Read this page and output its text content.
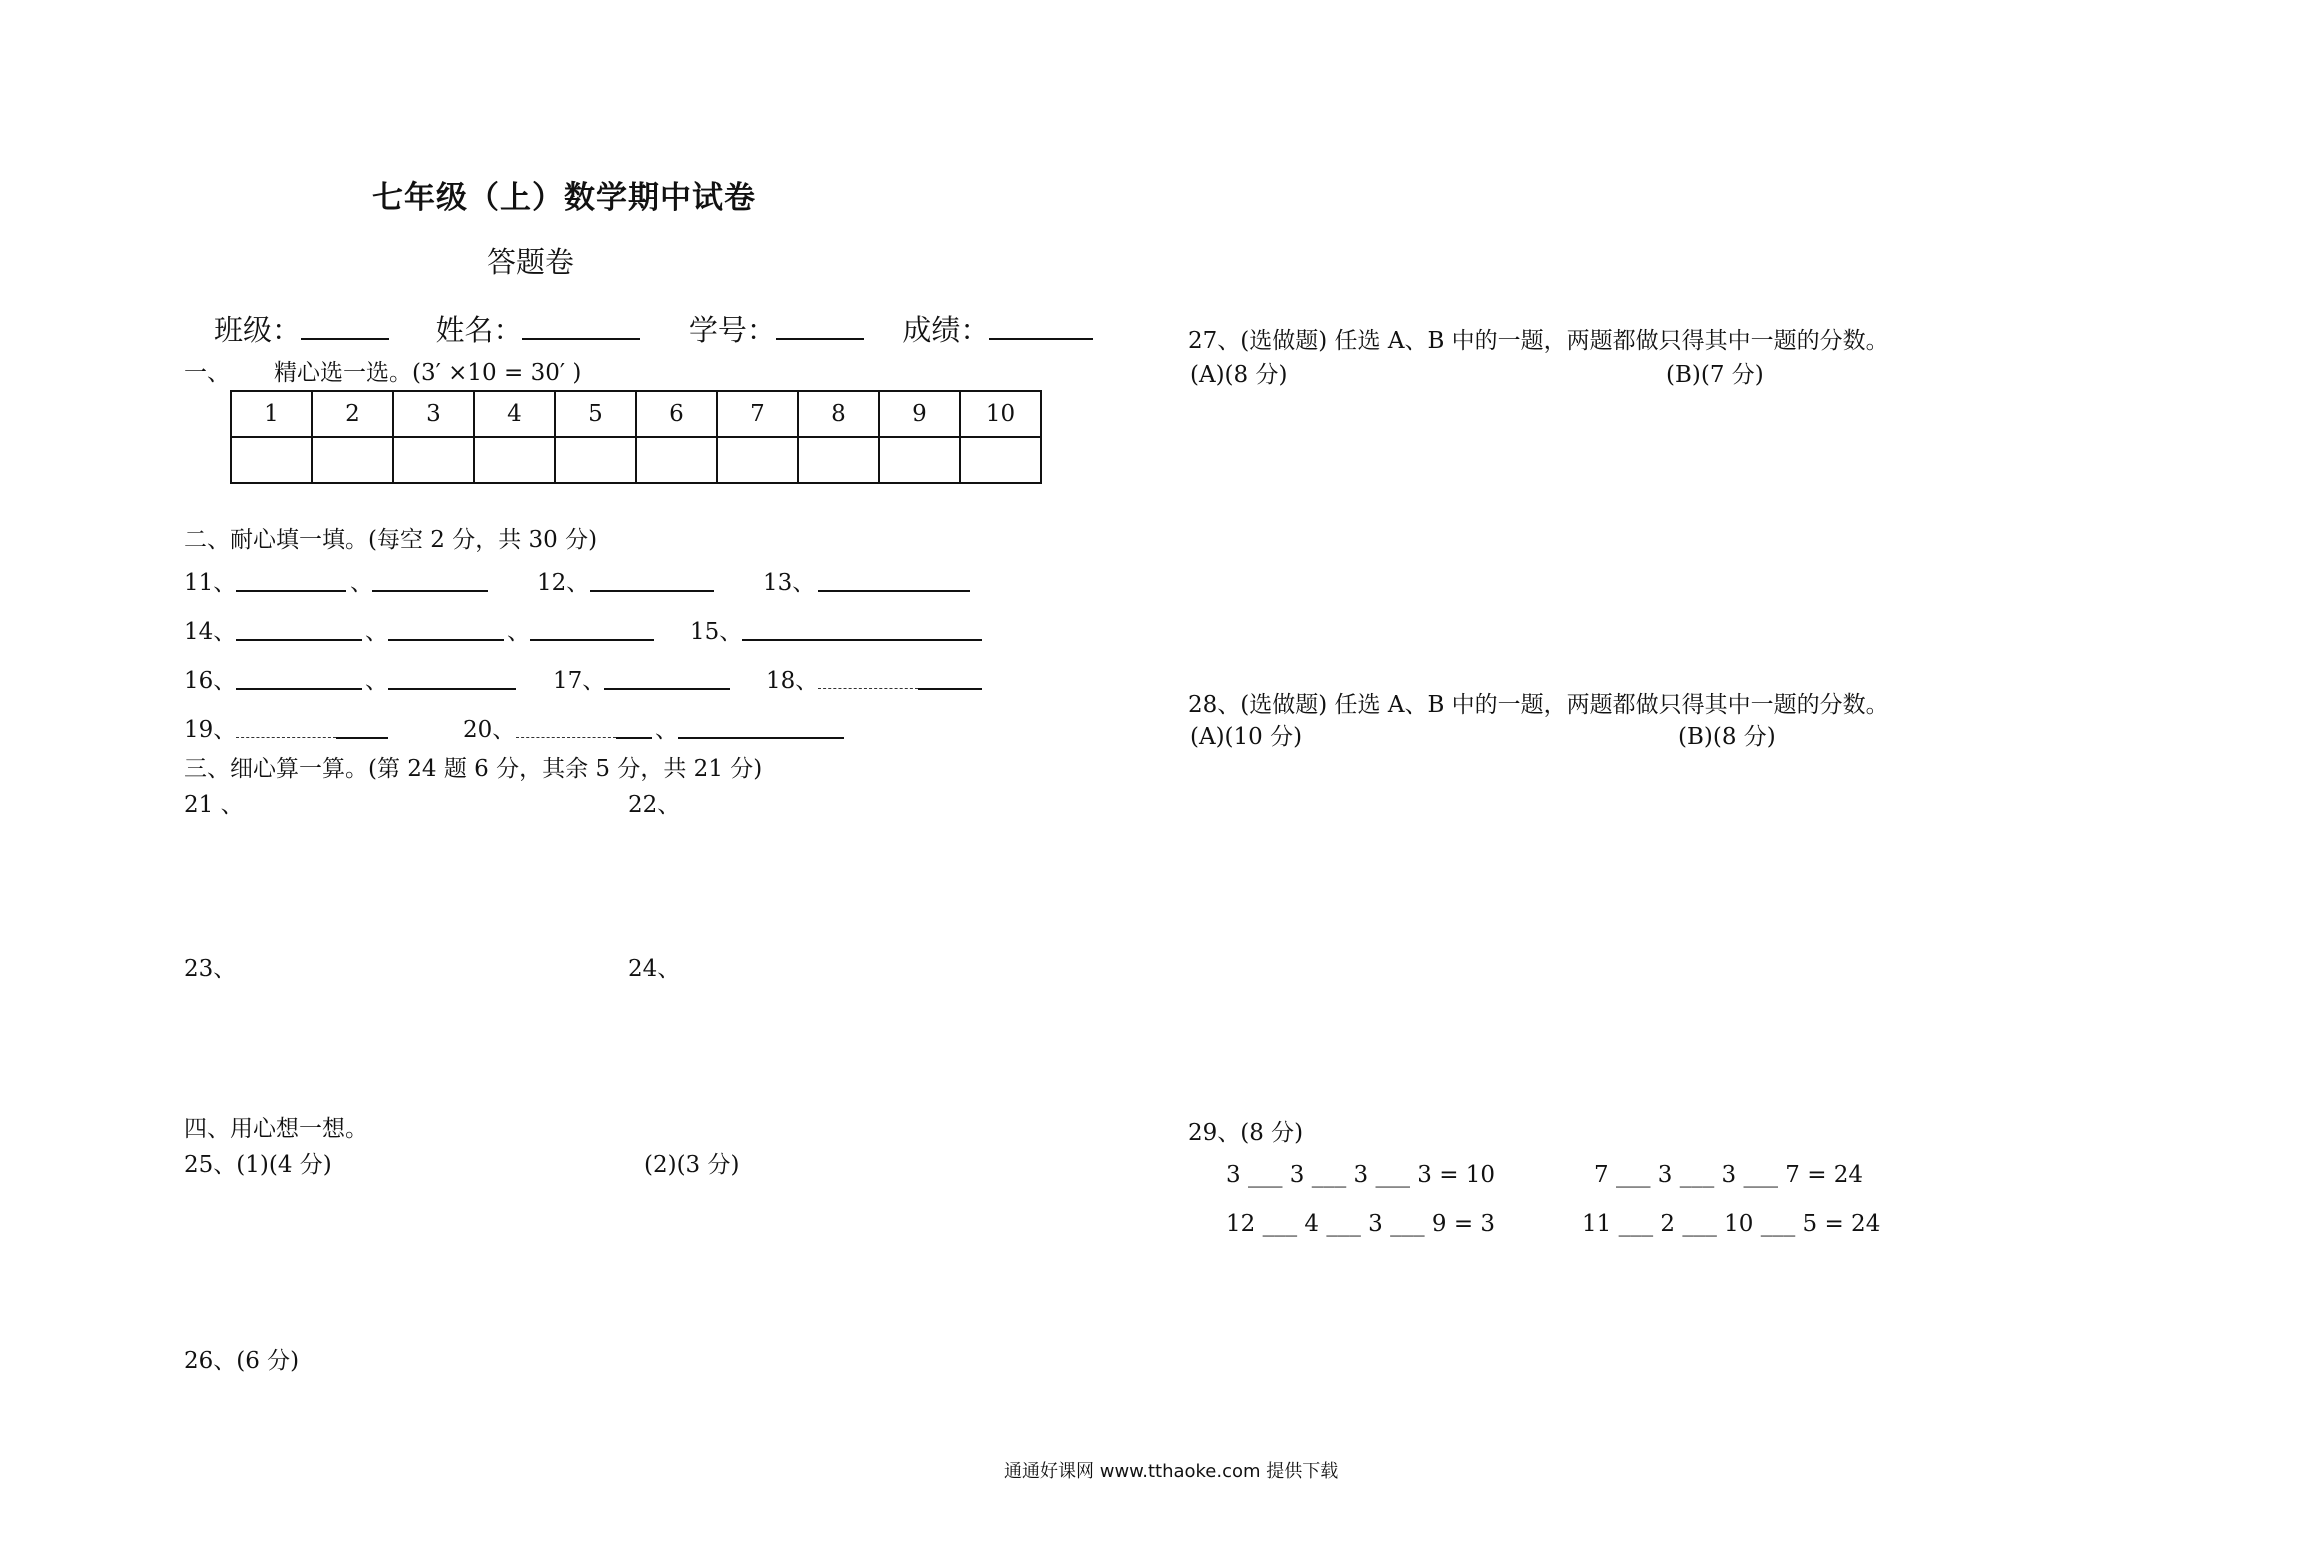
七年级（上）数学期中试卷
答题卷
班级：	姓名：	学号：	成绩：
一、 精心选一选。(3′ ×10 = 30′ )
1	2	3	4	5	6	7	8	9	10

二、耐心填一填。(每空 2 分，共 30 分)
11、	、	12、	13、
14、	、	、	15、
16、	、	17、	18、
19、	20、	、
三、细心算一算。(第 24 题 6 分，其余 5 分，共 21 分)
21 、	22、
23、	24、
四、用心想一想。
25、(1)(4 分)	(2)(3 分)
26、(6 分)
27、(选做题) 任选 A、B 中的一题，两题都做只得其中一题的分数。
(A)(8 分)	(B)(7 分)
28、(选做题) 任选 A、B 中的一题，两题都做只得其中一题的分数。
(A)(10 分)	(B)(8 分)
29、(8 分)
3 ___ 3 ___ 3 ___ 3 = 10	7 ___ 3 ___ 3 ___ 7 = 24
12 ___ 4 ___ 3 ___ 9 = 3	11 ___ 2 ___ 10 ___ 5 = 24
通通好课网 www.tthaoke.com 提供下载
